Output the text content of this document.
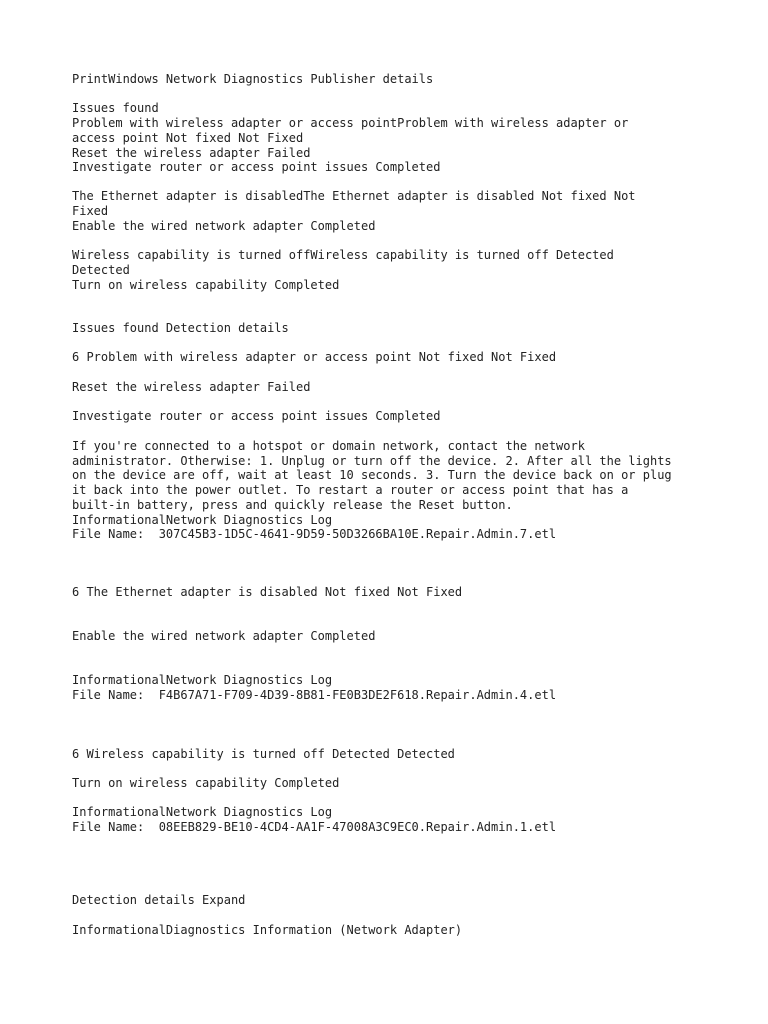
PrintWindows Network Diagnostics Publisher details
Issues found
Problem with wireless adapter or access pointProblem with wireless adapter or
access point Not fixed Not Fixed
Reset the wireless adapter Failed
Investigate router or access point issues Completed
The Ethernet adapter is disabledThe Ethernet adapter is disabled Not fixed Not
Fixed
Enable the wired network adapter Completed
Wireless capability is turned offWireless capability is turned off Detected
Detected
Turn on wireless capability Completed
Issues found Detection details
6 Problem with wireless adapter or access point Not fixed Not Fixed
Reset the wireless adapter Failed
Investigate router or access point issues Completed
If you're connected to a hotspot or domain network, contact the network
administrator. Otherwise: 1. Unplug or turn off the device. 2. After all the lights
on the device are off, wait at least 10 seconds. 3. Turn the device back on or plug
it back into the power outlet. To restart a router or access point that has a
built-in battery, press and quickly release the Reset button.
InformationalNetwork Diagnostics Log
File Name:  307C45B3-1D5C-4641-9D59-50D3266BA10E.Repair.Admin.7.etl
6 The Ethernet adapter is disabled Not fixed Not Fixed
Enable the wired network adapter Completed
InformationalNetwork Diagnostics Log
File Name:  F4B67A71-F709-4D39-8B81-FE0B3DE2F618.Repair.Admin.4.etl
6 Wireless capability is turned off Detected Detected
Turn on wireless capability Completed
InformationalNetwork Diagnostics Log
File Name:  08EEB829-BE10-4CD4-AA1F-47008A3C9EC0.Repair.Admin.1.etl
Detection details Expand
InformationalDiagnostics Information (Network Adapter)
